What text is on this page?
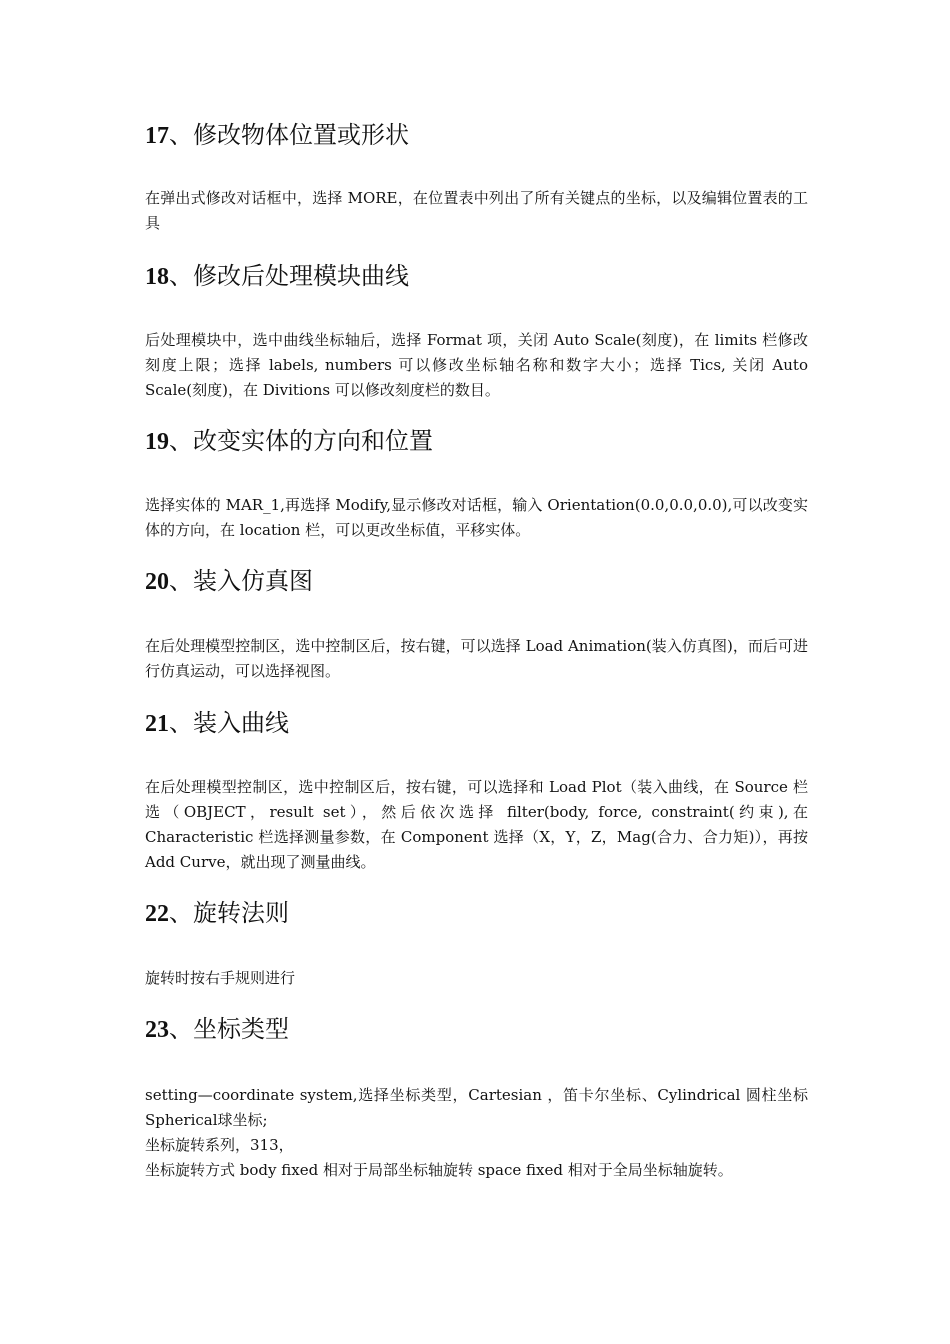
17、修改物体位置或形状
在弹出式修改对话框中，选择 MORE，在位置表中列出了所有关键点的坐标，以及编辑位置表的工具
18、修改后处理模块曲线
后处理模块中，选中曲线坐标轴后，选择 Format 项，关闭 Auto Scale(刻度)，在 limits 栏修改刻度上限；选择 labels, numbers 可以修改坐标轴名称和数字大小；选择 Tics, 关闭 Auto Scale(刻度)，在 Divitions 可以修改刻度栏的数目。
19、改变实体的方向和位置
选择实体的 MAR_1,再选择 Modify,显示修改对话框，输入 Orientation(0.0,0.0,0.0),可以改变实体的方向，在 location 栏，可以更改坐标值，平移实体。
20、装入仿真图
在后处理模型控制区，选中控制区后，按右键，可以选择 Load Animation(装入仿真图)，而后可进行仿真运动，可以选择视图。
21、装入曲线
在后处理模型控制区，选中控制区后，按右键，可以选择和 Load Plot（装入曲线，在 Source 栏选（OBJECT，result set），然后依次选择 filter(body, force, constraint(约束),在 Characteristic 栏选择测量参数，在 Component 选择（X，Y，Z，Mag(合力、合力矩)），再按 Add Curve，就出现了测量曲线。
22、旋转法则
旋转时按右手规则进行
23、坐标类型
setting—coordinate system,选择坐标类型，Cartesian ，笛卡尔坐标、Cylindrical 圆柱坐标 Spherical球坐标;
坐标旋转系列，313，
坐标旋转方式 body fixed 相对于局部坐标轴旋转 space fixed 相对于全局坐标轴旋转。
